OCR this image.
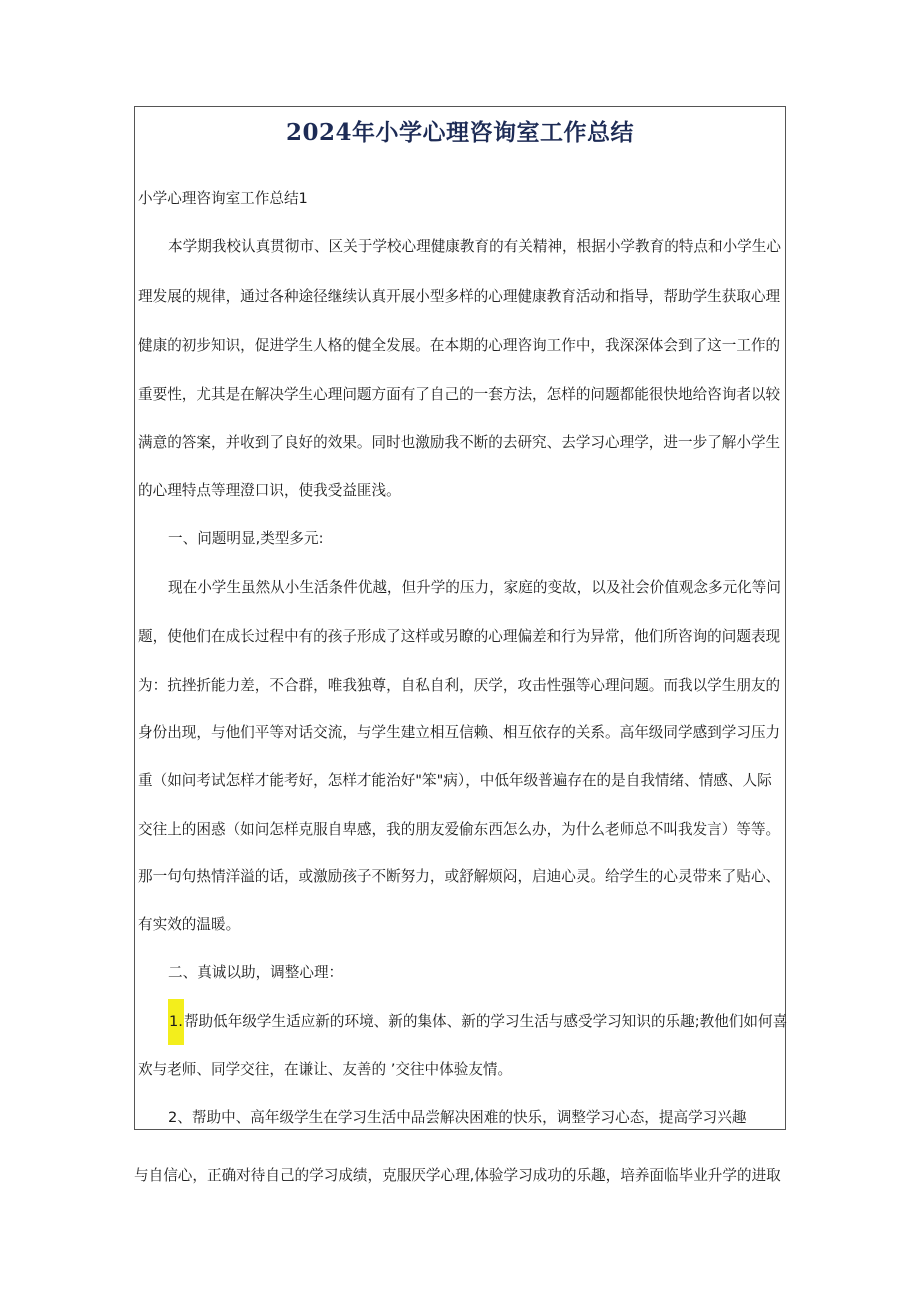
2024年小学心理咨询室工作总结
小学心理咨询室工作总结1
本学期我校认真贯彻市、区关于学校心理健康教育的有关精神，根据小学教育的特点和小学生心
理发展的规律，通过各种途径继续认真开展小型多样的心理健康教育活动和指导，帮助学生获取心理
健康的初步知识，促进学生人格的健全发展。在本期的心理咨询工作中，我深深体会到了这一工作的
重要性，尤其是在解决学生心理问题方面有了自己的一套方法，怎样的问题都能很快地给咨询者以较
满意的答案，并收到了良好的效果。同时也激励我不断的去研究、去学习心理学，进一步了解小学生
的心理特点等理澄口识，使我受益匪浅。
一、问题明显,类型多元:
现在小学生虽然从小生活条件优越，但升学的压力，家庭的变故，以及社会价值观念多元化等问
题，使他们在成长过程中有的孩子形成了这样或另瞭的心理偏差和行为异常，他们所咨询的问题表现
为：抗挫折能力差，不合群，唯我独尊，自私自利，厌学，攻击性强等心理问题。而我以学生朋友的
身份出现，与他们平等对话交流，与学生建立相互信赖、相互依存的关系。高年级同学感到学习压力
重（如问考试怎样才能考好，怎样才能治好"笨"病），中低年级普遍存在的是自我情绪、情感、人际
交往上的困惑（如问怎样克服自卑感，我的朋友爱偷东西怎么办，为什么老师总不叫我发言）等等。
那一句句热情洋溢的话，或激励孩子不断努力，或舒解烦闷，启迪心灵。给学生的心灵带来了贴心、
有实效的温暖。
二、真诚以助，调整心理：
1.帮助低年级学生适应新的环境、新的集体、新的学习生活与感受学习知识的乐趣;教他们如何喜
欢与老师、同学交往，在谦让、友善的 ’交往中体验友情。
2、帮助中、高年级学生在学习生活中品尝解决困难的快乐，调整学习心态，提高学习兴趣
与自信心，正确对待自己的学习成绩，克服厌学心理,体验学习成功的乐趣，培养面临毕业升学的进取
